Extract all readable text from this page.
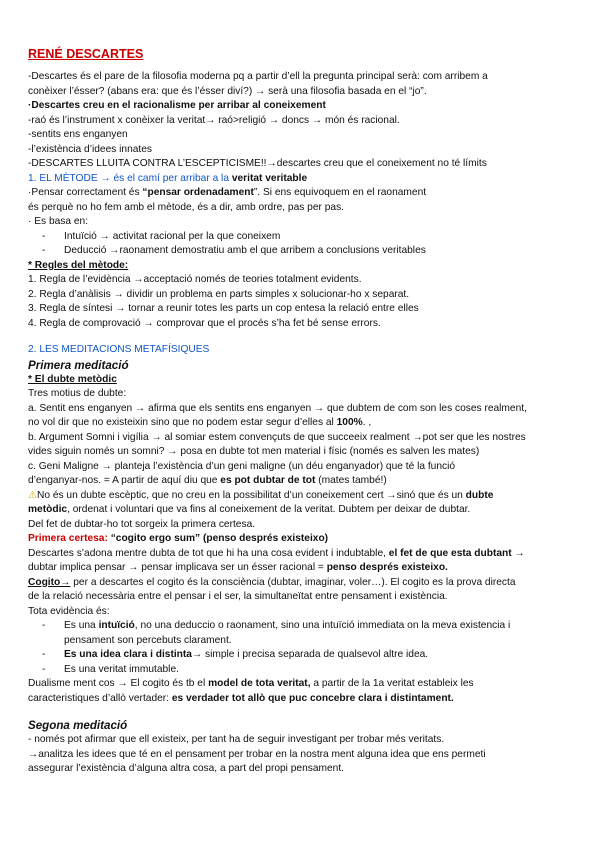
RENÉ DESCARTES
-Descartes és el pare de la filosofia moderna pq a partir d’ell la pregunta principal serà: com arribem a
conèixer l’ésser? (abans era: que és l’ésser diví?) → serà una filosofia basada en el “jo”.
·Descartes creu en el racionalisme per arribar al coneixement
-raó és l’instrument x conèixer la veritat→ raó>religió → doncs → món és racional.
-sentits ens enganyen
-l’existència d’idees innates
-DESCARTES LLUITA CONTRA L’ESCEPTICISME!!→descartes creu que el coneixement no té límits
1. EL MÈTODE → és el camí per arribar a la veritat veritable
·Pensar correctament és “pensar ordenadament”. Si ens equivoquem en el raonament
és perquè no ho fem amb el mètode, és a dir, amb ordre, pas per pas.
· Es basa en:
- Intuïció → activitat racional per la que coneixem
- Deducció →raonament demostratiu amb el que arribem a conclusions veritables
* Regles del mètode:
1. Regla de l’evidència →acceptació només de teories totalment evidents.
2. Regla d’anàlisis → dividir un problema en parts simples x solucionar-ho x separat.
3. Regla de síntesi → tornar a reunir totes les parts un cop entesa la relació entre elles
4. Regla de comprovació → comprovar que el procés s’ha fet bé sense errors.
2. LES MEDITACIONS METAFÍSIQUES
Primera meditació
* El dubte metòdic
Tres motius de dubte:
a. Sentit ens enganyen → afirma que els sentits ens enganyen → que dubtem de com son les coses realment,
no vol dir que no existeixin sino que no podem estar segur d’elles al 100%. ,
b. Argument Somni i vigília → al somiar estem convençuts de que succeeix realment →pot ser que les nostres
vides siguin només un somni? → posa en dubte tot men material i físic (només es salven les mates)
c. Geni Maligne → planteja l’existència d’un geni maligne (un déu enganyador) que té la funció
d’enganyar-nos. = A partir de aquí diu que es pot dubtar de tot (mates també!)
⚠No és un dubte escèptic, que no creu en la possibilitat d’un coneixement cert →sinó que és un dubte
metòdic, ordenat i voluntari que va fins al coneixement de la veritat. Dubtem per deixar de dubtar.
Del fet de dubtar-ho tot sorgeix la primera certesa.
Primera certesa: “cogito ergo sum” (penso després existeixo)
Descartes s’adona mentre dubta de tot que hi ha una cosa evident i indubtable, el fet de que esta dubtant →
dubtar implica pensar → pensar implicava ser un ésser racional = penso després existeixo.
Cogito→ per a descartes el cogito és la consciència (dubtar, imaginar, voler…). El cogito es la prova directa
de la relació necessària entre el pensar i el ser, la simultaneïtat entre pensament i existència.
Tota evidència és:
- Es una intuïció, no una deduccio o raonament, sino una intuïció immediata on la meva existencia i
pensament son percebuts clarament.
- Es una idea clara i distinta→ simple i precisa separada de qualsevol altre idea.
- Es una veritat immutable.
Dualisme ment cos → El cogito és tb el model de tota veritat, a partir de la 1a veritat estableix les
caracteristiques d’allò vertader: es verdader tot allò que puc concebre clara i distintament.
Segona meditació
- només pot afirmar que ell existeix, per tant ha de seguir investigant per trobar més veritats.
→analitza les idees que té en el pensament per trobar en la nostra ment alguna idea que ens permeti
assegurar l’existència d’alguna altra cosa, a part del propi pensament.
